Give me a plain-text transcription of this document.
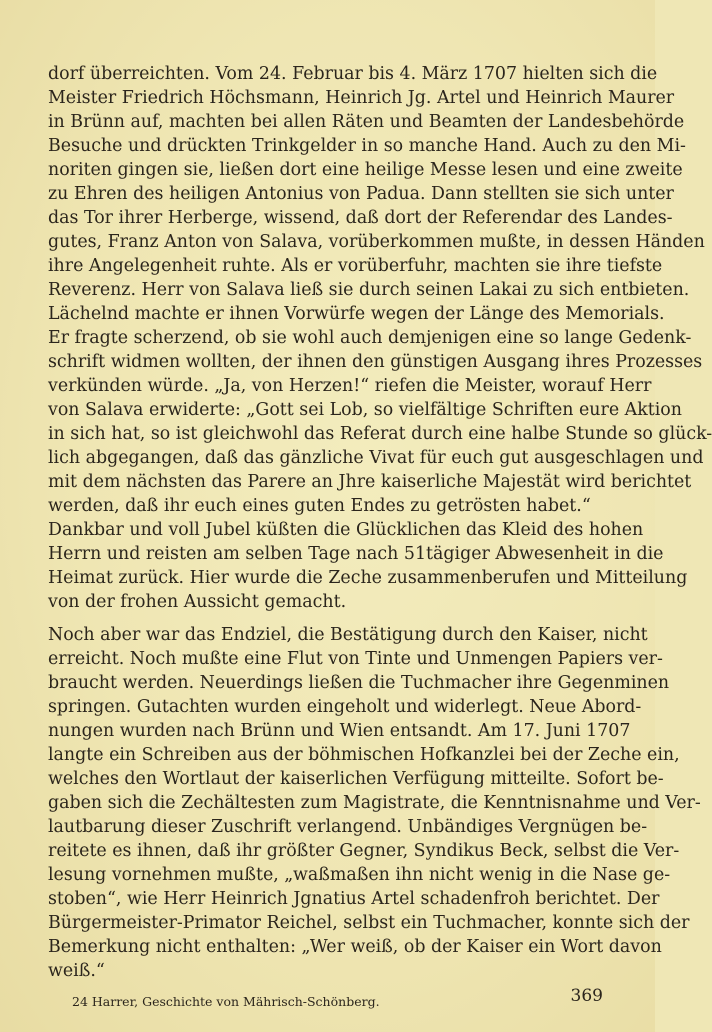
dorf überreichten. Vom 24. Februar bis 4. März 1707 hielten sich die
Meister Friedrich Höchsmann, Heinrich Jg. Artel und Heinrich Maurer
in Brünn auf, machten bei allen Räten und Beamten der Landesbehörde
Besuche und drückten Trinkgelder in so manche Hand. Auch zu den Mi-
noriten gingen sie, ließen dort eine heilige Messe lesen und eine zweite
zu Ehren des heiligen Antonius von Padua. Dann stellten sie sich unter
das Tor ihrer Herberge, wissend, daß dort der Referendar des Landes-
gutes, Franz Anton von Salava, vorüberkommen mußte, in dessen Händen
ihre Angelegenheit ruhte. Als er vorüberfuhr, machten sie ihre tiefste
Reverenz. Herr von Salava ließ sie durch seinen Lakai zu sich entbieten.
Lächelnd machte er ihnen Vorwürfe wegen der Länge des Memorials.
Er fragte scherzend, ob sie wohl auch demjenigen eine so lange Gedenk-
schrift widmen wollten, der ihnen den günstigen Ausgang ihres Prozesses
verkünden würde. „Ja, von Herzen!“ riefen die Meister, worauf Herr
von Salava erwiderte: „Gott sei Lob, so vielfältige Schriften eure Aktion
in sich hat, so ist gleichwohl das Referat durch eine halbe Stunde so glück-
lich abgegangen, daß das gänzliche Vivat für euch gut ausgeschlagen und
mit dem nächsten das Parere an Jhre kaiserliche Majestät wird berichtet
werden, daß ihr euch eines guten Endes zu getrösten habet.“
Dankbar und voll Jubel küßten die Glücklichen das Kleid des hohen
Herrn und reisten am selben Tage nach 51tägiger Abwesenheit in die
Heimat zurück. Hier wurde die Zeche zusammenberufen und Mitteilung
von der frohen Aussicht gemacht.
Noch aber war das Endziel, die Bestätigung durch den Kaiser, nicht
erreicht. Noch mußte eine Flut von Tinte und Unmengen Papiers ver-
braucht werden. Neuerdings ließen die Tuchmacher ihre Gegenminen
springen. Gutachten wurden eingeholt und widerlegt. Neue Abord-
nungen wurden nach Brünn und Wien entsandt. Am 17. Juni 1707
langte ein Schreiben aus der böhmischen Hofkanzlei bei der Zeche ein,
welches den Wortlaut der kaiserlichen Verfügung mitteilte. Sofort be-
gaben sich die Zechältesten zum Magistrate, die Kenntnisnahme und Ver-
lautbarung dieser Zuschrift verlangend. Unbändiges Vergnügen be-
reitete es ihnen, daß ihr größter Gegner, Syndikus Beck, selbst die Ver-
lesung vornehmen mußte, „waßmaßen ihn nicht wenig in die Nase ge-
stoben“, wie Herr Heinrich Jgnatius Artel schadenfroh berichtet. Der
Bürgermeister-Primator Reichel, selbst ein Tuchmacher, konnte sich der
Bemerkung nicht enthalten: „Wer weiß, ob der Kaiser ein Wort davon
weiß.“
24 Harrer, Geschichte von Mährisch-Schönberg.	369
